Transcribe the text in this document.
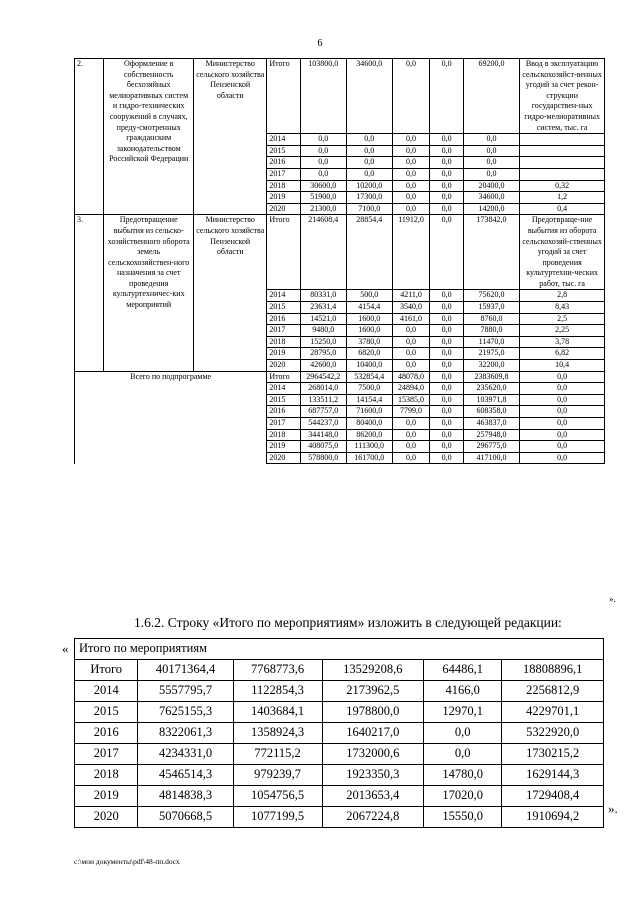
6
2.	Оформление в собственность бесхозяйных мелиоративных систем и гидро-технических сооружений в случаях, преду-смотренных гражданским законодательством Российской Федерации	Министерство сельского хозяйства Пензенской области	Итого	103800,0	34600,0	0,0	0,0	69200,0	Ввод в эксплуатацию сельскохозяйст-венных угодий за счет рекон-струкции государствен-ных гидро-мелиоративных систем, тыс. га
			2014	0,0	0,0	0,0	0,0	0,0	
			2015	0,0	0,0	0,0	0,0	0,0	
			2016	0,0	0,0	0,0	0,0	0,0	
			2017	0,0	0,0	0,0	0,0	0,0	
			2018	30600,0	10200,0	0,0	0,0	20400,0	0,32
			2019	51900,0	17300,0	0,0	0,0	34600,0	1,2
			2020	21300,0	7100,0	0,0	0,0	14200,0	0,4
3.	Предотвращение выбытия из сельско-хозяйственного оборота земель сельскохозяйствен-ного назначения за счет проведения культуртехничес-ких мероприятий	Министерство сельского хозяйства Пензенской области	Итого	214608,4	28854,4	11912,0	0,0	173842,0	Предотвраще-ние выбытия из оборота сельскохозяй-ственных угодий за счет проведения культуртехни-ческих работ, тыс. га
			2014	80331,0	500,0	4211,0	0,0	75620,0	2,8
			2015	23631,4	4154,4	3540,0	0,0	15937,0	8,43
			2016	14521,0	1600,0	4161,0	0,0	8760,0	2,5
			2017	9480,0	1600,0	0,0	0,0	7880,0	2,25
			2018	15250,0	3780,0	0,0	0,0	11470,0	3,78
			2019	28795,0	6820,0	0,0	0,0	21975,0	6,82
			2020	42600,0	10400,0	0,0	0,0	32200,0	10,4
Всего по подпрограмме			Итого	2964542,2	532854,4	48078,0	0,0	2383609,8	0,0
			2014	268014,0	7500,0	24894,0	0,0	235620,0	0,0
			2015	133511,2	14154,4	15385,0	0,0	103971,8	0,0
			2016	687757,0	71600,0	7799,0	0,0	608358,0	0,0
			2017	544237,0	80400,0	0,0	0,0	463837,0	0,0
			2018	344148,0	86200,0	0,0	0,0	257948,0	0,0
			2019	408075,0	111300,0	0,0	0,0	296775,0	0,0
			2020	578800,0	161700,0	0,0	0,0	417100,0	0,0
».
1.6.2. Строку «Итого по мероприятиям» изложить в следующей редакции:
« Итого по мероприятиям					
Итого	40171364,4	7768773,6	13529208,6	64486,1	18808896,1
2014	5557795,7	1122854,3	2173962,5	4166,0	2256812,9
2015	7625155,3	1403684,1	1978800,0	12970,1	4229701,1
2016	8322061,3	1358924,3	1640217,0	0,0	5322920,0
2017	4234331,0	772115,2	1732000,6	0,0	1730215,2
2018	4546514,3	979239,7	1923350,3	14780,0	1629144,3
2019	4814838,3	1054756,5	2013653,4	17020,0	1729408,4
2020	5070668,5	1077199,5	2067224,8	15550,0	1910694,2 ».
c:\мои документы\pdf\48-пп.docx
